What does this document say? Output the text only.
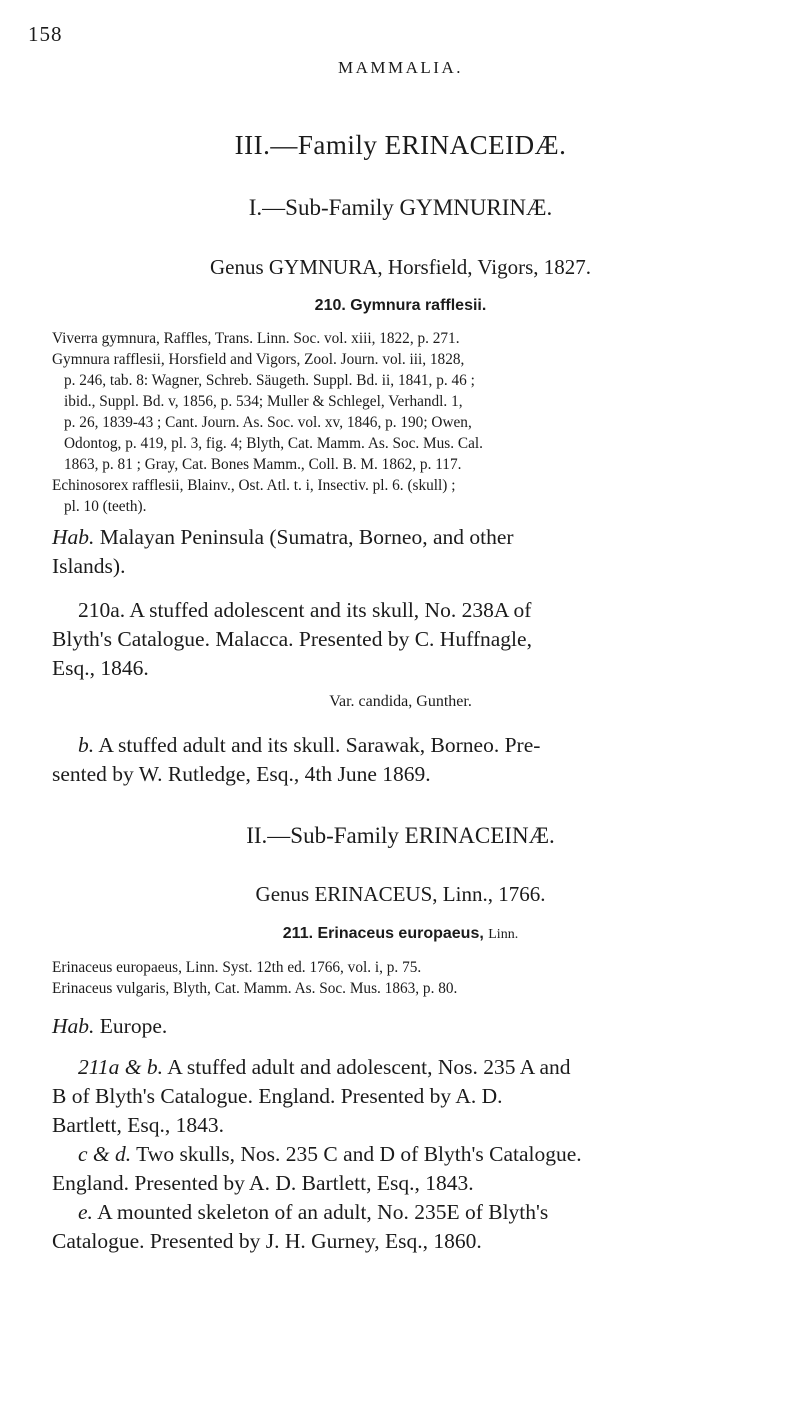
158
MAMMALIA.
III.—Family ERINACEIDÆ.
I.—Sub-Family GYMNURINÆ.
Genus GYMNURA, Horsfield, Vigors, 1827.
210. Gymnura rafflesii.
Viverra gymnura, Raffles, Trans. Linn. Soc. vol. xiii, 1822, p. 271.
Gymnura rafflesii, Horsfield and Vigors, Zool. Journ. vol. iii, 1828,
p. 246, tab. 8: Wagner, Schreb. Säugeth. Suppl. Bd. ii, 1841, p. 46 ;
ibid., Suppl. Bd. v, 1856, p. 534; Muller & Schlegel, Verhandl. 1,
p. 26, 1839-43 ; Cant. Journ. As. Soc. vol. xv, 1846, p. 190; Owen,
Odontog, p. 419, pl. 3, fig. 4; Blyth, Cat. Mamm. As. Soc. Mus. Cal.
1863, p. 81 ; Gray, Cat. Bones Mamm., Coll. B. M. 1862, p. 117.
Echinosorex rafflesii, Blainv., Ost. Atl. t. i, Insectiv. pl. 6. (skull) ;
pl. 10 (teeth).
Hab. Malayan Peninsula (Sumatra, Borneo, and other
Islands).
210a. A stuffed adolescent and its skull, No. 238A of
Blyth's Catalogue. Malacca. Presented by C. Huffnagle,
Esq., 1846.
Var. candida, Gunther.
b. A stuffed adult and its skull. Sarawak, Borneo. Pre-
sented by W. Rutledge, Esq., 4th June 1869.
II.—Sub-Family ERINACEINÆ.
Genus ERINACEUS, Linn., 1766.
211. Erinaceus europaeus, Linn.
Erinaceus europaeus, Linn. Syst. 12th ed. 1766, vol. i, p. 75.
Erinaceus vulgaris, Blyth, Cat. Mamm. As. Soc. Mus. 1863, p. 80.
Hab. Europe.
211a & b. A stuffed adult and adolescent, Nos. 235 A and
B of Blyth's Catalogue. England. Presented by A. D.
Bartlett, Esq., 1843.
c & d. Two skulls, Nos. 235 C and D of Blyth's Catalogue.
England. Presented by A. D. Bartlett, Esq., 1843.
e. A mounted skeleton of an adult, No. 235E of Blyth's
Catalogue. Presented by J. H. Gurney, Esq., 1860.
